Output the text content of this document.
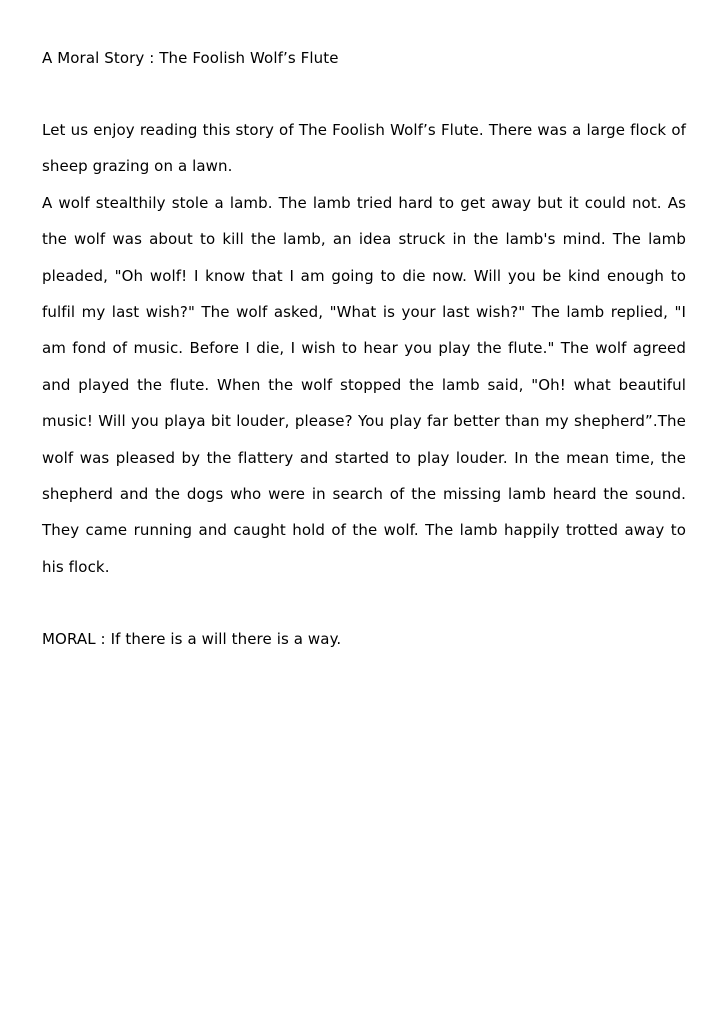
A Moral Story : The Foolish Wolf’s Flute

Let us enjoy reading this story of The Foolish Wolf’s Flute. There was a large flock of sheep grazing on a lawn.

A wolf stealthily stole a lamb. The lamb tried hard to get away but it could not. As the wolf was about to kill the lamb, an idea struck in the lamb's mind. The lamb pleaded, "Oh wolf! I know that I am going to die now. Will you be kind enough to fulfil my last wish?" The wolf asked, "What is your last wish?" The lamb replied, "I am fond of music. Before I die, I wish to hear you play the flute." The wolf agreed and played the flute. When the wolf stopped the lamb said, "Oh! what beautiful music! Will you playa bit louder, please? You play far better than my shepherd”.The wolf was pleased by the flattery and started to play louder. In the mean time, the shepherd and the dogs who were in search of the missing lamb heard the sound. They came running and caught hold of the wolf. The lamb happily trotted away to his flock.

MORAL : If there is a will there is a way.
